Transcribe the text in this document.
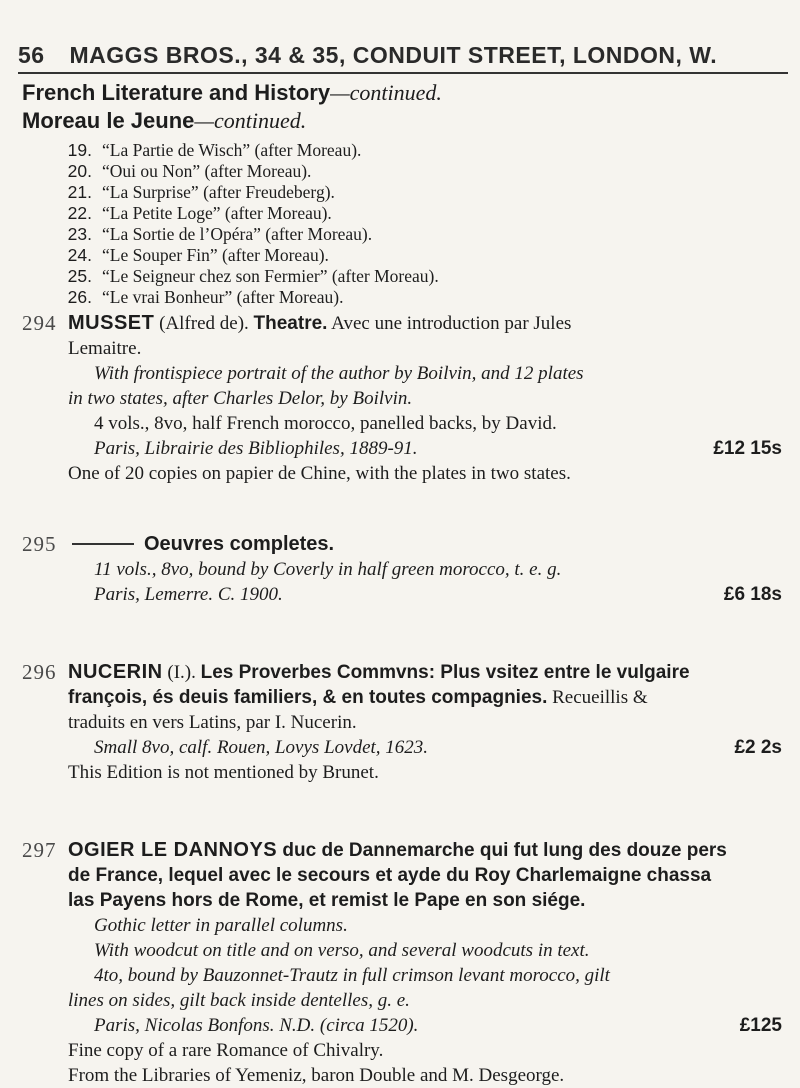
56 MAGGS BROS., 34 & 35, CONDUIT STREET, LONDON, W.
French Literature and History—continued.
Moreau le Jeune—continued.
19. “La Partie de Wisch” (after Moreau).
20. “Oui ou Non” (after Moreau).
21. “La Surprise” (after Freudeberg).
22. “La Petite Loge” (after Moreau).
23. “La Sortie de l’Opéra” (after Moreau).
24. “Le Souper Fin” (after Moreau).
25. “Le Seigneur chez son Fermier” (after Moreau).
26. “Le vrai Bonheur” (after Moreau).
294 MUSSET (Alfred de). Theatre. Avec une introduction par Jules
Lemaitre.
With frontispiece portrait of the author by Boilvin, and 12 plates
in two states, after Charles Delor, by Boilvin.
4 vols., 8vo, half French morocco, panelled backs, by David.
Paris, Librairie des Bibliophiles, 1889-91.	£12 15s
One of 20 copies on papier de Chine, with the plates in two states.
295	Oeuvres completes.
11 vols., 8vo, bound by Coverly in half green morocco, t. e. g.
Paris, Lemerre. C. 1900.	£6 18s
296 NUCERIN (I.). Les Proverbes Commvns: Plus vsitez entre le vulgaire
françois, és deuis familiers, & en toutes compagnies. Recueillis &
traduits en vers Latins, par I. Nucerin.
Small 8vo, calf. Rouen, Lovys Lovdet, 1623.	£2 2s
This Edition is not mentioned by Brunet.
297 OGIER LE DANNOYS duc de Dannemarche qui fut lung des douze pers
de France, lequel avec le secours et ayde du Roy Charlemaigne chassa
las Payens hors de Rome, et remist le Pape en son siége.
Gothic letter in parallel columns.
With woodcut on title and on verso, and several woodcuts in text.
4to, bound by Bauzonnet-Trautz in full crimson levant morocco, gilt
lines on sides, gilt back inside dentelles, g. e.
Paris, Nicolas Bonfons. N.D. (circa 1520).	£125
Fine copy of a rare Romance of Chivalry.
From the Libraries of Yemeniz, baron Double and M. Desgeorge.
